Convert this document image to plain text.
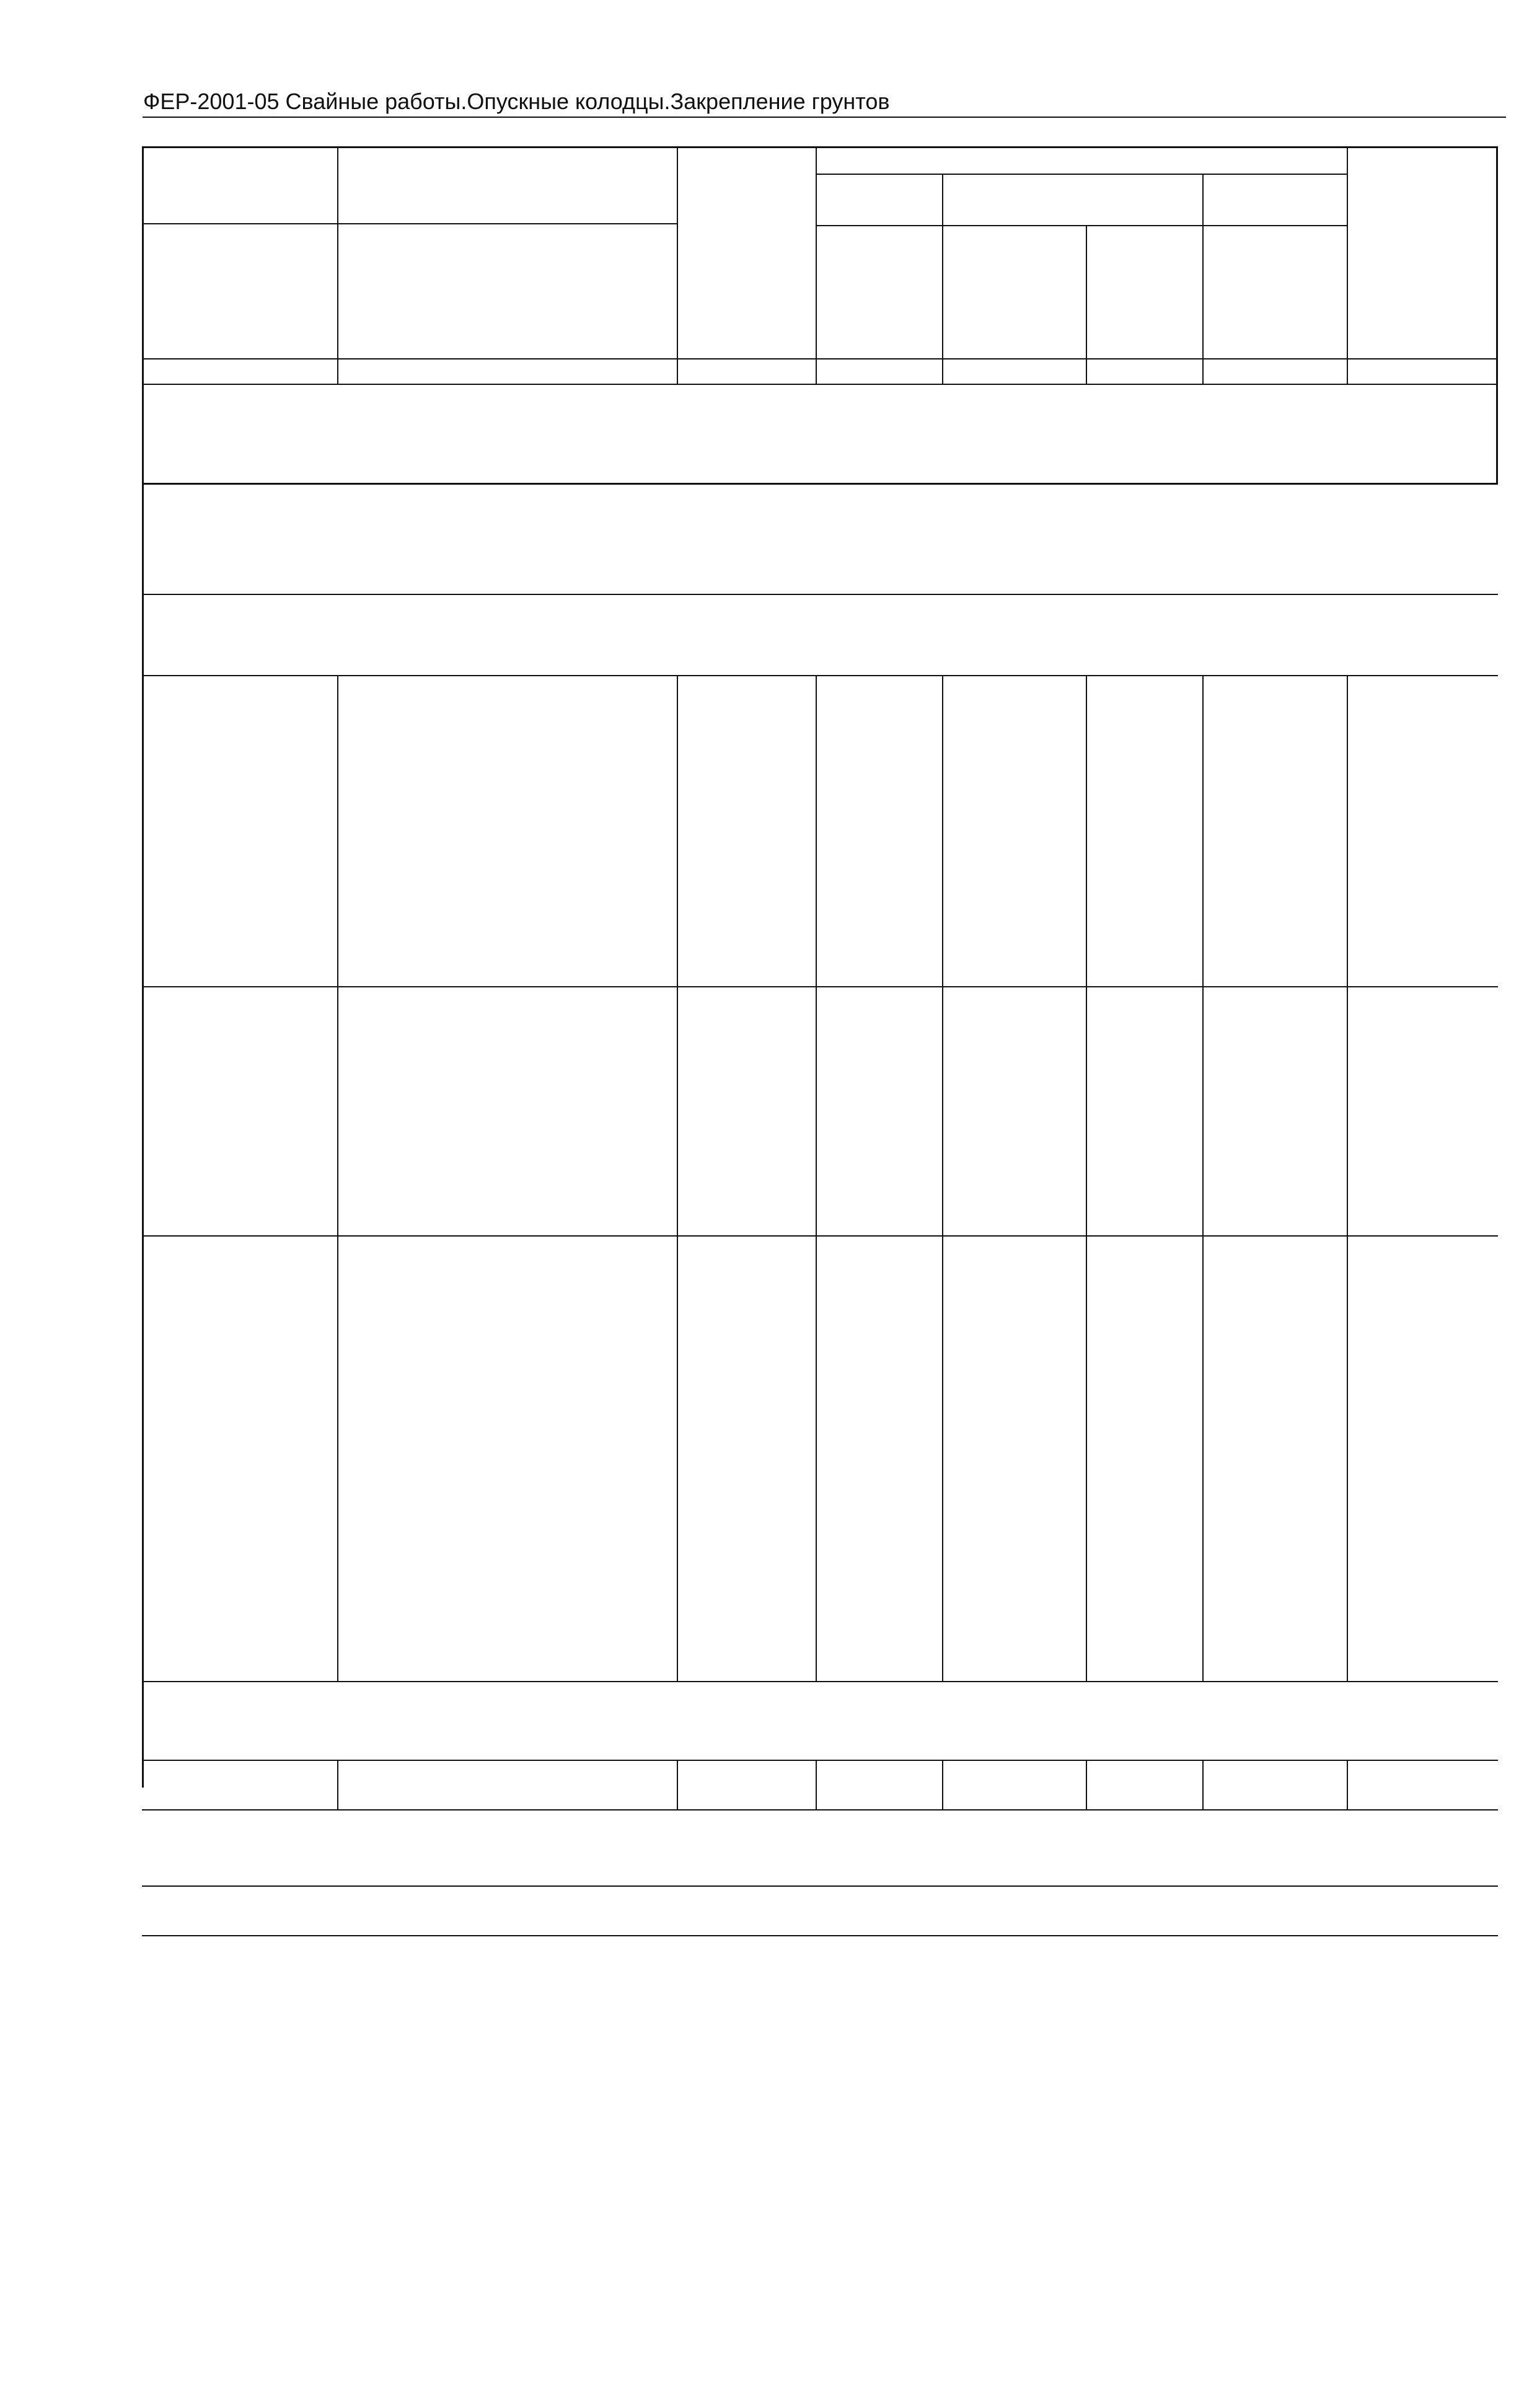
ФЕР-2001-05 Свайные работы.Опускные колодцы.Закрепление грунтов
